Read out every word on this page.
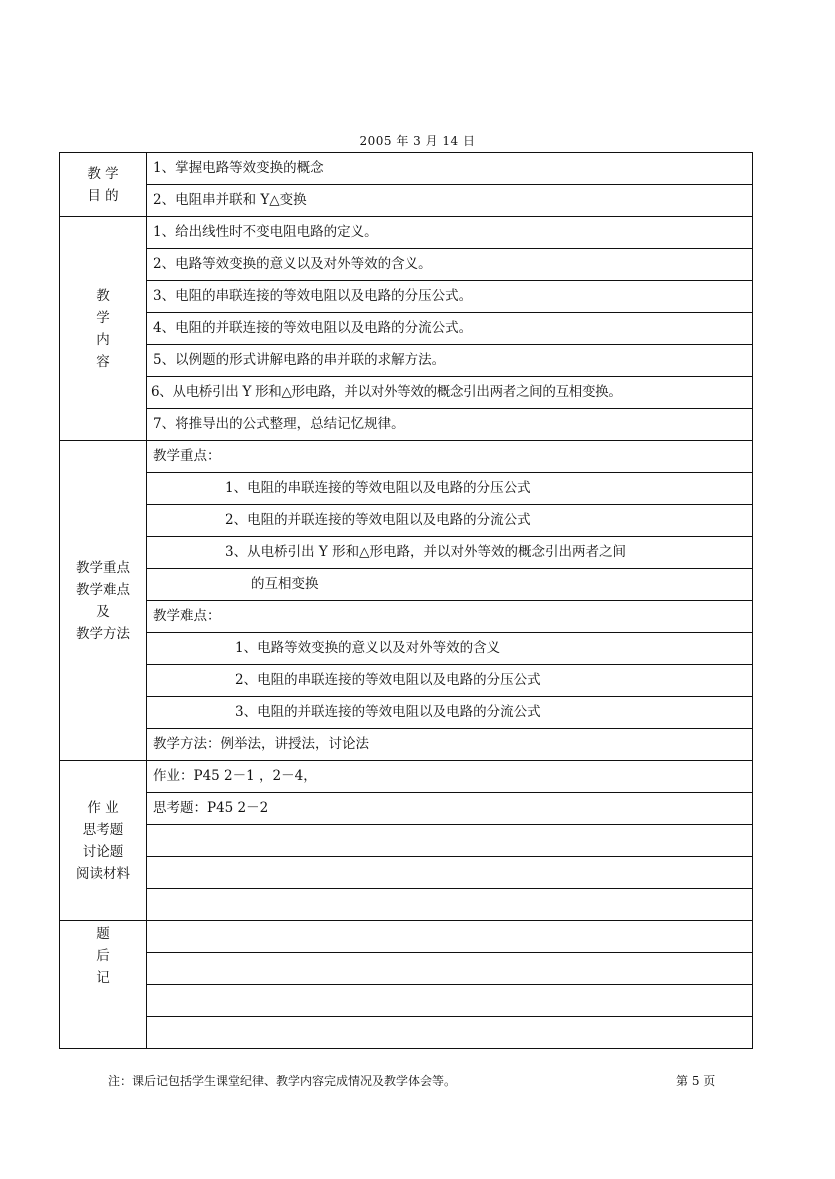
2005 年 3 月 14 日
教 学
目 的	1、掌握电路等效变换的概念
	2、电阻串并联和 Y△变换

教
学
内
容	1、给出线性时不变电阻电路的定义。
	2、电路等效变换的意义以及对外等效的含义。
	3、电阻的串联连接的等效电阻以及电路的分压公式。
	4、电阻的并联连接的等效电阻以及电路的分流公式。
	5、以例题的形式讲解电路的串并联的求解方法。
	6、从电桥引出 Y 形和△形电路，并以对外等效的概念引出两者之间的互相变换。
	7、将推导出的公式整理，总结记忆规律。

教学重点
教学难点
及
教学方法	教学重点：
	1、电阻的串联连接的等效电阻以及电路的分压公式
	2、电阻的并联连接的等效电阻以及电路的分流公式
	3、从电桥引出 Y 形和△形电路，并以对外等效的概念引出两者之间
	的互相变换
	教学难点：
	1、电路等效变换的意义以及对外等效的含义
	2、电阻的串联连接的等效电阻以及电路的分压公式
	3、电阻的并联连接的等效电阻以及电路的分流公式
	教学方法：例举法，讲授法，讨论法

作 业
思考题
讨论题
阅读材料	作业：P45 2－1 ，2－4，
	思考题：P45 2－2

题
后
记	

注：课后记包括学生课堂纪律、教学内容完成情况及教学体会等。	第 5 页
